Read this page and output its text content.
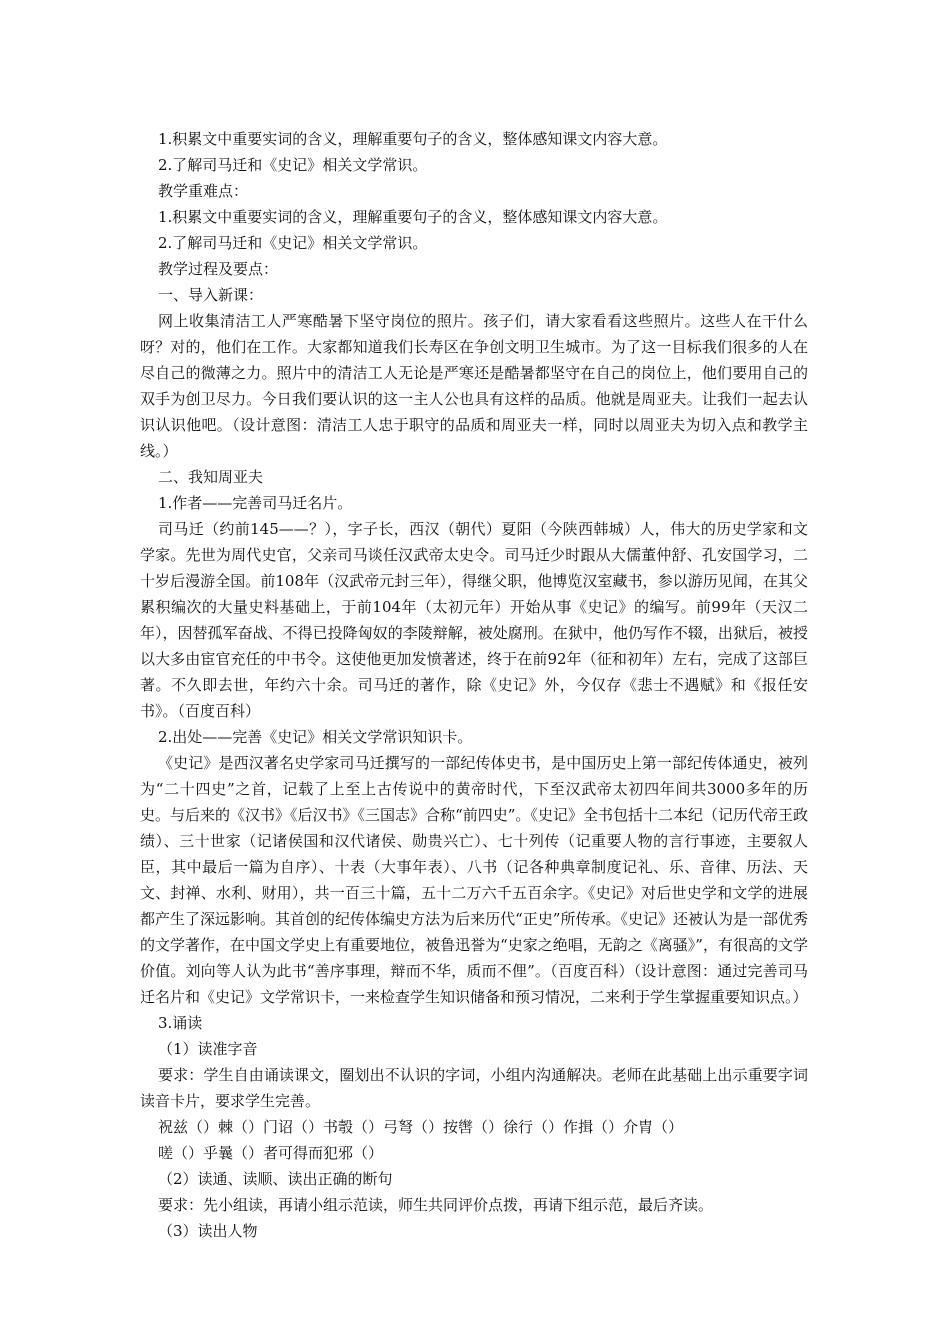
1.积累文中重要实词的含义，理解重要句子的含义，整体感知课文内容大意。

2.了解司马迁和《史记》相关文学常识。

教学重难点：

1.积累文中重要实词的含义，理解重要句子的含义，整体感知课文内容大意。

2.了解司马迁和《史记》相关文学常识。

教学过程及要点：

一、导入新课：

网上收集清洁工人严寒酷暑下坚守岗位的照片。孩子们，请大家看看这些照片。这些人在干什么呀？对的，他们在工作。大家都知道我们长寿区在争创文明卫生城市。为了这一目标我们很多的人在尽自己的微薄之力。照片中的清洁工人无论是严寒还是酷暑都坚守在自己的岗位上，他们要用自己的双手为创卫尽力。今日我们要认识的这一主人公也具有这样的品质。他就是周亚夫。让我们一起去认识认识他吧。（设计意图：清洁工人忠于职守的品质和周亚夫一样，同时以周亚夫为切入点和教学主线。）

二、我知周亚夫

1.作者——完善司马迁名片。

司马迁（约前145——？），字子长，西汉（朝代）夏阳（今陕西韩城）人，伟大的历史学家和文学家。先世为周代史官，父亲司马谈任汉武帝太史令。司马迁少时跟从大儒董仲舒、孔安国学习，二十岁后漫游全国。前108年（汉武帝元封三年），得继父职，他博览汉室藏书，参以游历见闻，在其父累积编次的大量史料基础上，于前104年（太初元年）开始从事《史记》的编写。前99年（天汉二年），因替孤军奋战、不得已投降匈奴的李陵辩解，被处腐刑。在狱中，他仍写作不辍，出狱后，被授以大多由宦官充任的中书令。这使他更加发愤著述，终于在前92年（征和初年）左右，完成了这部巨著。不久即去世，年约六十余。司马迁的著作，除《史记》外，今仅存《悲士不遇赋》和《报任安书》。（百度百科）

2.出处——完善《史记》相关文学常识知识卡。

《史记》是西汉著名史学家司马迁撰写的一部纪传体史书，是中国历史上第一部纪传体通史，被列为“二十四史”之首，记载了上至上古传说中的黄帝时代，下至汉武帝太初四年间共3000多年的历史。与后来的《汉书》《后汉书》《三国志》合称“前四史”。《史记》全书包括十二本纪（记历代帝王政绩）、三十世家（记诸侯国和汉代诸侯、勋贵兴亡）、七十列传（记重要人物的言行事迹，主要叙人臣，其中最后一篇为自序）、十表（大事年表）、八书（记各种典章制度记礼、乐、音律、历法、天文、封禅、水利、财用），共一百三十篇，五十二万六千五百余字。《史记》对后世史学和文学的进展都产生了深远影响。其首创的纪传体编史方法为后来历代“正史”所传承。《史记》还被认为是一部优秀的文学著作，在中国文学史上有重要地位，被鲁迅誉为“史家之绝唱，无韵之《离骚》”，有很高的文学价值。刘向等人认为此书“善序事理，辩而不华，质而不俚”。（百度百科）（设计意图：通过完善司马迁名片和《史记》文学常识卡，一来检查学生知识储备和预习情况，二来利于学生掌握重要知识点。）

3.诵读

（1）读准字音

要求：学生自由诵读课文，圈划出不认识的字词，小组内沟通解决。老师在此基础上出示重要字词读音卡片，要求学生完善。

祝兹（）棘（）门诏（）书彀（）弓弩（）按辔（）徐行（）作揖（）介胄（）

嗟（）乎曩（）者可得而犯邪（）

（2）读通、读顺、读出正确的断句

要求：先小组读，再请小组示范读，师生共同评价点拨，再请下组示范，最后齐读。

（3）读出人物
